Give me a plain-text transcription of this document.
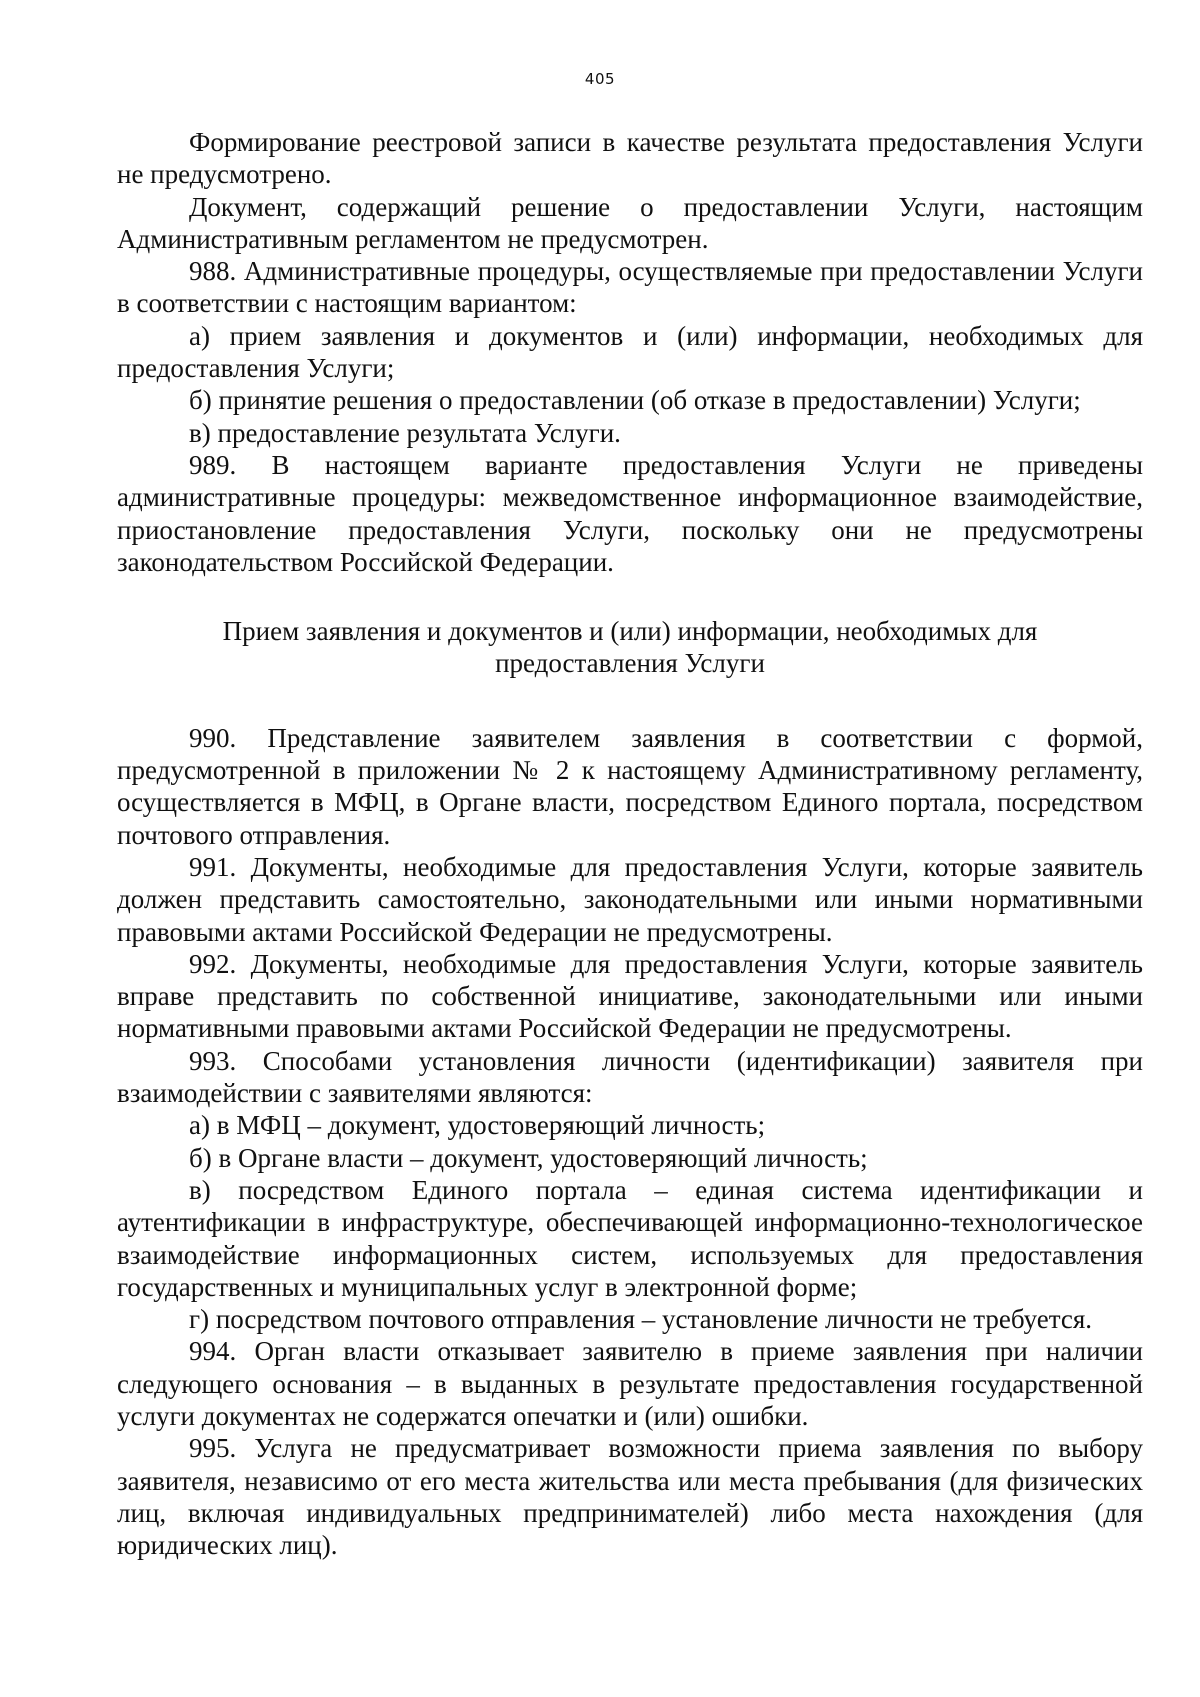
405

Формирование реестровой записи в качестве результата предоставления Услуги не предусмотрено.

Документ, содержащий решение о предоставлении Услуги, настоящим Административным регламентом не предусмотрен.

988. Административные процедуры, осуществляемые при предоставлении Услуги в соответствии с настоящим вариантом:

а) прием заявления и документов и (или) информации, необходимых для предоставления Услуги;

б) принятие решения о предоставлении (об отказе в предоставлении) Услуги;

в) предоставление результата Услуги.

989. В настоящем варианте предоставления Услуги не приведены административные процедуры: межведомственное информационное взаимодействие, приостановление предоставления Услуги, поскольку они не предусмотрены законодательством Российской Федерации.

Прием заявления и документов и (или) информации, необходимых для предоставления Услуги

990. Представление заявителем заявления в соответствии с формой, предусмотренной в приложении № 2 к настоящему Административному регламенту, осуществляется в МФЦ, в Органе власти, посредством Единого портала, посредством почтового отправления.

991. Документы, необходимые для предоставления Услуги, которые заявитель должен представить самостоятельно, законодательными или иными нормативными правовыми актами Российской Федерации не предусмотрены.

992. Документы, необходимые для предоставления Услуги, которые заявитель вправе представить по собственной инициативе, законодательными или иными нормативными правовыми актами Российской Федерации не предусмотрены.

993. Способами установления личности (идентификации) заявителя при взаимодействии с заявителями являются:

а) в МФЦ – документ, удостоверяющий личность;

б) в Органе власти – документ, удостоверяющий личность;

в) посредством Единого портала – единая система идентификации и аутентификации в инфраструктуре, обеспечивающей информационно-технологическое взаимодействие информационных систем, используемых для предоставления государственных и муниципальных услуг в электронной форме;

г) посредством почтового отправления – установление личности не требуется.

994. Орган власти отказывает заявителю в приеме заявления при наличии следующего основания – в выданных в результате предоставления государственной услуги документах не содержатся опечатки и (или) ошибки.

995. Услуга не предусматривает возможности приема заявления по выбору заявителя, независимо от его места жительства или места пребывания (для физических лиц, включая индивидуальных предпринимателей) либо места нахождения (для юридических лиц).
